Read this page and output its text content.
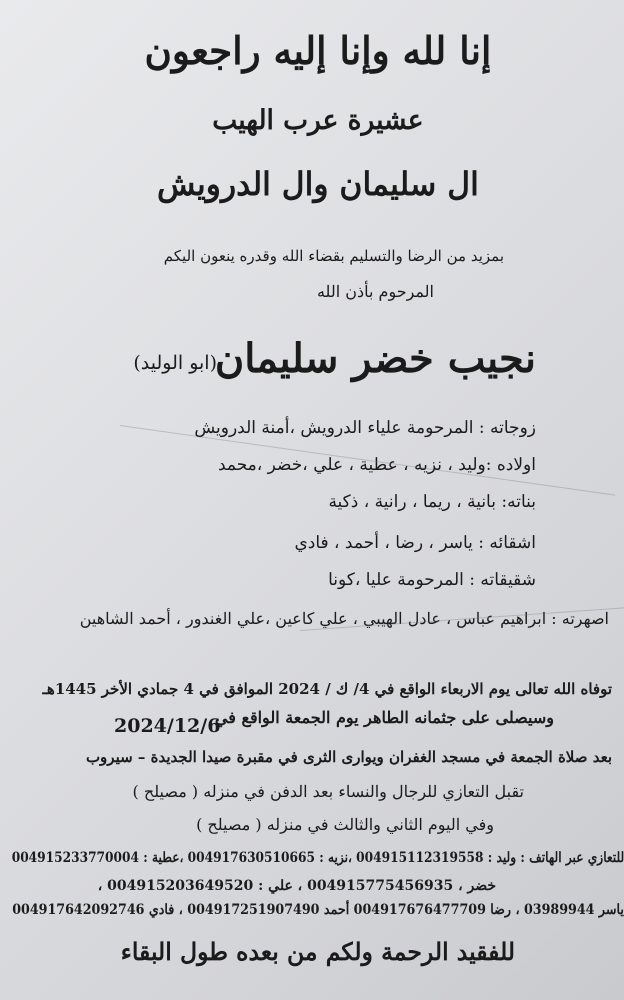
إنا لله وإنا إليه راجعون
عشيرة عرب الهيب
ال سليمان وال الدرويش
بمزيد من الرضا والتسليم بقضاء الله وقدره ينعون اليكم
المرحوم بأذن الله
نجيب خضر سليمان
(ابو الوليد)
زوجاته : المرحومة علياء الدرويش ،أمنة الدرويش
اولاده :وليد ، نزيه ، عطية ، علي ،خضر ،محمد
بناته: بانية ، ريما ، رانية ، ذكية
اشقائه : ياسر ، رضا ، أحمد ، فادي
شقيقاته : المرحومة عليا ،كونا
اصهرته : ابراهيم عباس ، عادل الهيبي ، علي كاعين ،علي الغندور ، أحمد الشاهين
توفاه الله تعالى يوم الاربعاء الواقع في 4/ ك / 2024 الموافق في 4 جمادي الأخر 1445هـ
وسيصلى على جثمانه الطاهر يوم الجمعة الواقع في
2024/12/6
بعد صلاة الجمعة في مسجد الغفران ويوارى الثرى في مقبرة صيدا الجديدة – سيروب
تقبل التعازي للرجال والنساء بعد الدفن في منزله ( مصيلح )
وفي اليوم الثاني والثالث في منزله ( مصيلح )
للتعازي عبر الهاتف : وليد : 004915112319558 ،نزيه : 004917630510665 ،عطية : 004915233770004
خضر ، 004915775456935 ، علي : 004915203649520 ،
ياسر 03989944 ، رضا 004917676477709 أحمد 004917251907490 ، فادي 004917642092746
للفقيد الرحمة ولكم من بعده طول البقاء
